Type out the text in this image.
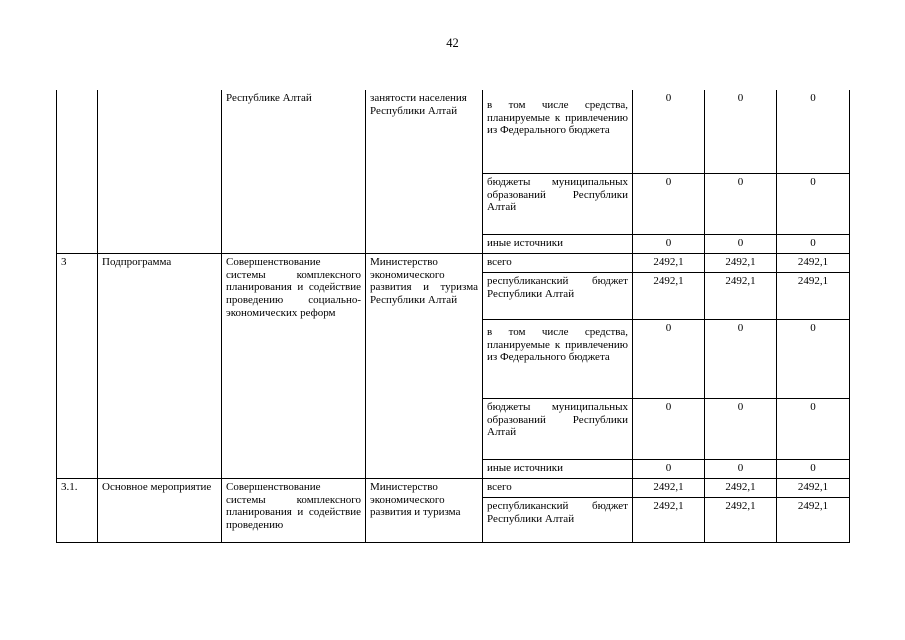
42
		Республике Алтай	занятости населения Республики Алтай	в том числе средства, планируемые к привлечению из Федерального бюджета	0	0	0
				бюджеты муниципальных образований Республики Алтай	0	0	0
				иные источники	0	0	0
3	Подпрограмма	Совершенствование системы комплексного планирования и содействие проведению социально-экономических реформ	Министерство экономического развития и туризма Республики Алтай	всего	2492,1	2492,1	2492,1
				республиканский бюджет Республики Алтай	2492,1	2492,1	2492,1
				в том числе средства, планируемые к привлечению из Федерального бюджета	0	0	0
				бюджеты муниципальных образований Республики Алтай	0	0	0
				иные источники	0	0	0
3.1.	Основное мероприятие	Совершенствование системы комплексного планирования и содействие проведению	Министерство экономического развития и туризма	всего	2492,1	2492,1	2492,1
				республиканский бюджет Республики Алтай	2492,1	2492,1	2492,1
